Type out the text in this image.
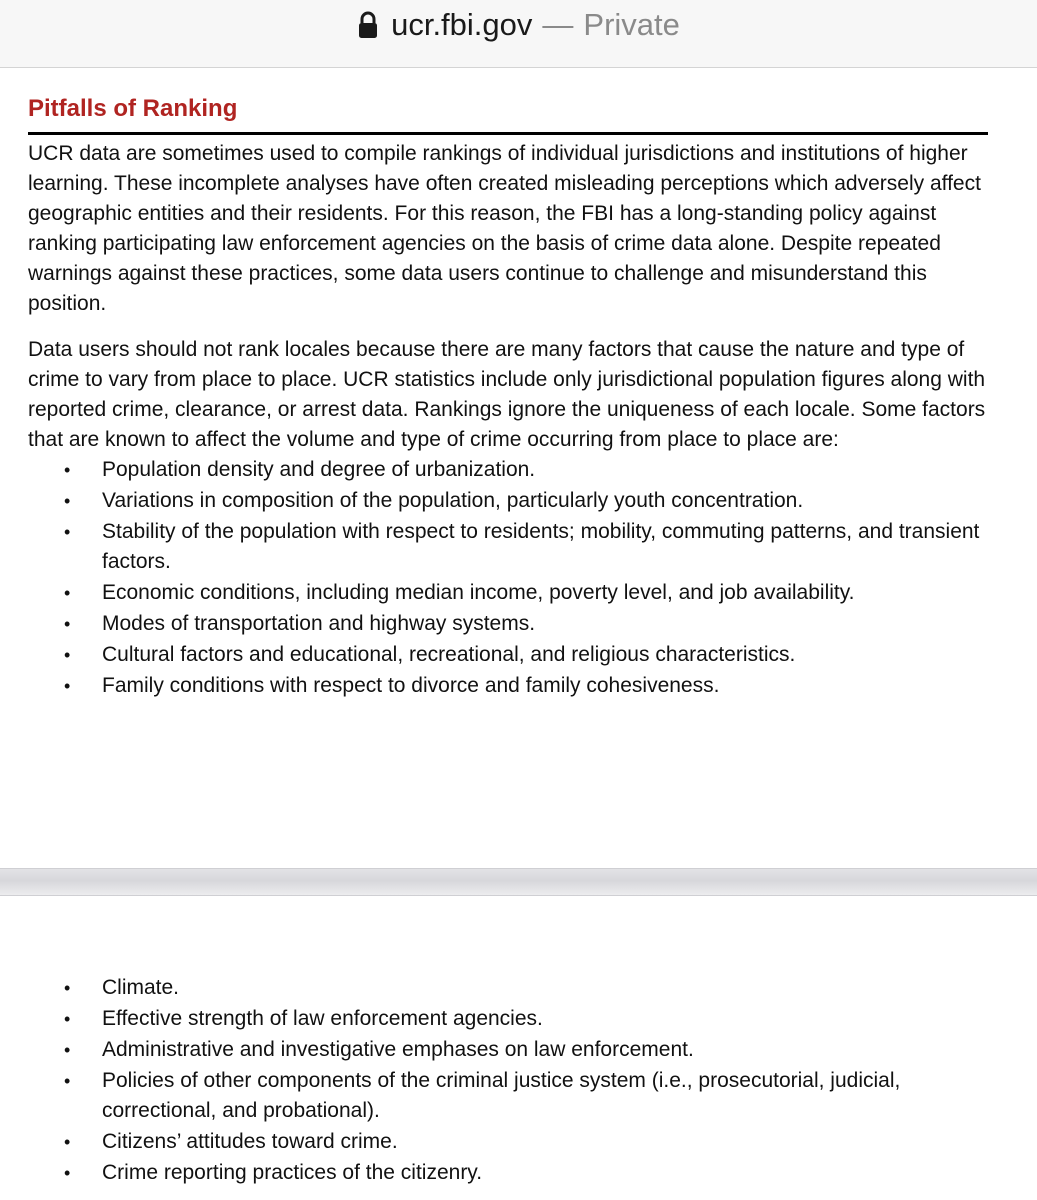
ucr.fbi.gov — Private
Pitfalls of Ranking

UCR data are sometimes used to compile rankings of individual jurisdictions and institutions of higher learning. These incomplete analyses have often created misleading perceptions which adversely affect geographic entities and their residents. For this reason, the FBI has a long-standing policy against ranking participating law enforcement agencies on the basis of crime data alone. Despite repeated warnings against these practices, some data users continue to challenge and misunderstand this position.

Data users should not rank locales because there are many factors that cause the nature and type of crime to vary from place to place. UCR statistics include only jurisdictional population figures along with reported crime, clearance, or arrest data. Rankings ignore the uniqueness of each locale. Some factors that are known to affect the volume and type of crime occurring from place to place are:

• Population density and degree of urbanization.
• Variations in composition of the population, particularly youth concentration.
• Stability of the population with respect to residents; mobility, commuting patterns, and transient factors.
• Economic conditions, including median income, poverty level, and job availability.
• Modes of transportation and highway systems.
• Cultural factors and educational, recreational, and religious characteristics.
• Family conditions with respect to divorce and family cohesiveness.
• Climate.
• Effective strength of law enforcement agencies.
• Administrative and investigative emphases on law enforcement.
• Policies of other components of the criminal justice system (i.e., prosecutorial, judicial, correctional, and probational).
• Citizens’ attitudes toward crime.
• Crime reporting practices of the citizenry.
